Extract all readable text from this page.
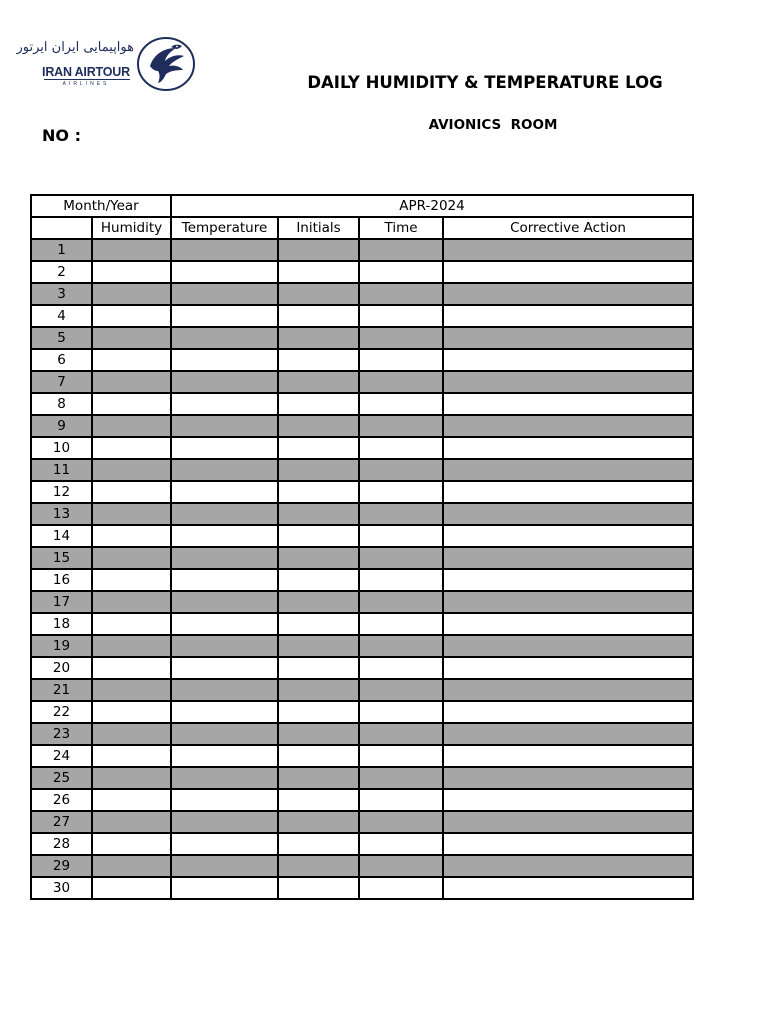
هواپیمایی ایران ایرتور
IRAN AIRTOUR
AIRLINES	DAILY HUMIDITY & TEMPERATURE LOG
AVIONICS  ROOM
NO :
Month/Year		APR-2024			
	Humidity	Temperature	Initials	Time	Corrective Action
1					
2					
3					
4					
5					
6					
7					
8					
9					
10					
11					
12					
13					
14					
15					
16					
17					
18					
19					
20					
21					
22					
23					
24					
25					
26					
27					
28					
29					
30					
